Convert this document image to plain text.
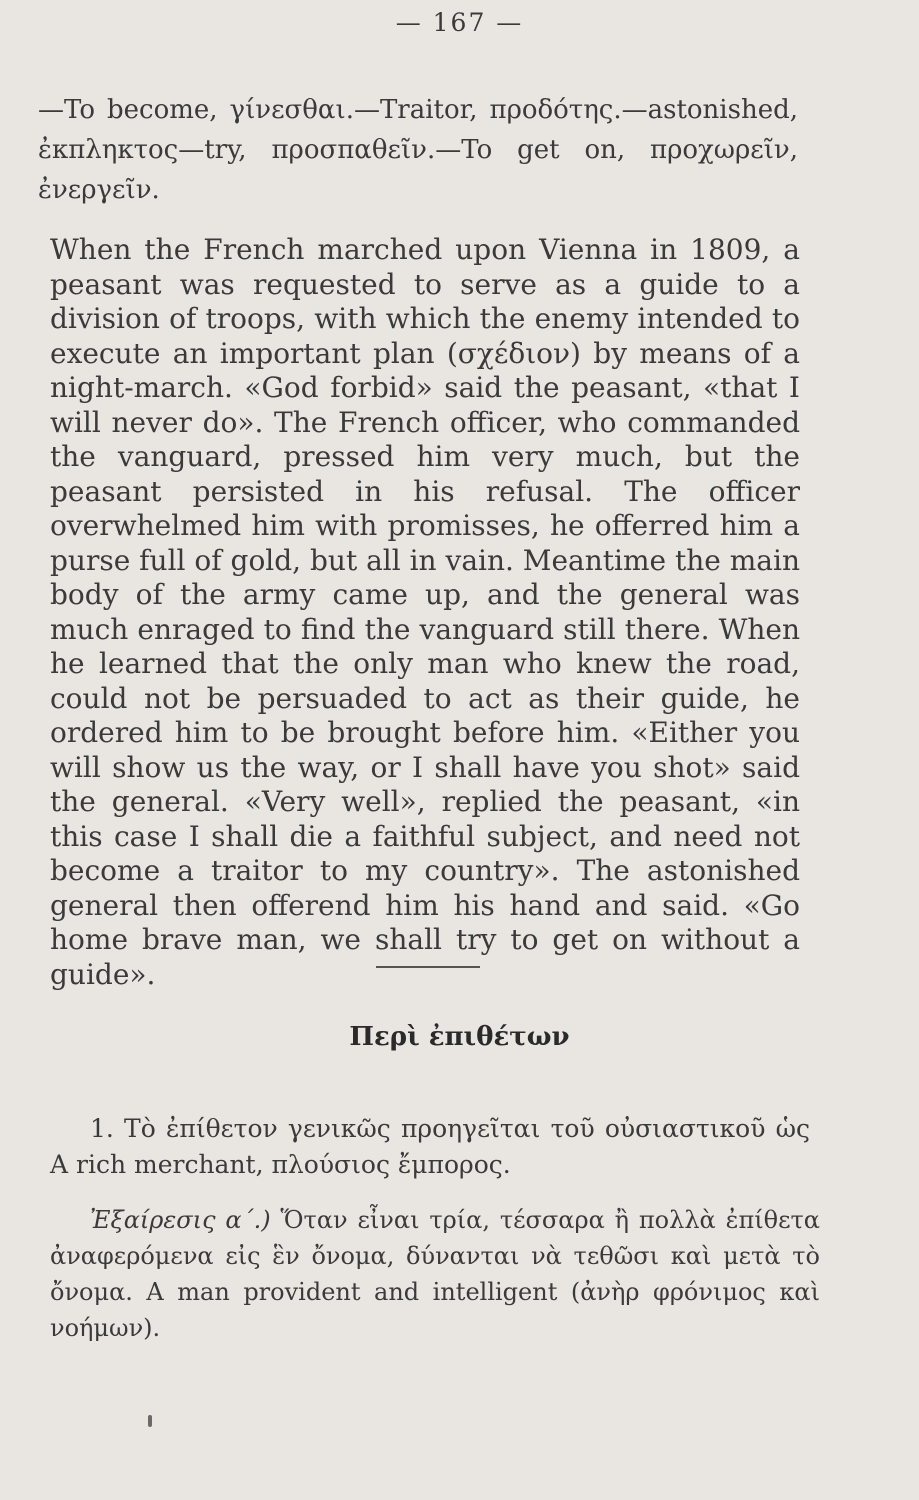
— 167 —

—To become, γίνεσθαι.—Traitor, προδότης.—astonished, ἐκπληκτος—try, προσπαθεῖν.—To get on, προχωρεῖν, ἐνεργεῖν.

When the French marched upon Vienna in 1809, a peasant was requested to serve as a guide to a division of troops, with which the enemy intended to execute an important plan (σχέδιον) by means of a night-march. «God forbid» said the peasant, «that I will never do». The French officer, who commanded the vanguard, pressed him very much, but the peasant persisted in his refusal. The officer overwhelmed him with promisses, he offerred him a purse full of gold, but all in vain. Meantime the main body of the army came up, and the general was much enraged to find the vanguard still there. When he learned that the only man who knew the road, could not be persuaded to act as their guide, he ordered him to be brought before him. «Either you will show us the way, or I shall have you shot» said the general. «Very well», replied the peasant, «in this case I shall die a faithful subject, and need not become a traitor to my country». The astonished general then offerend him his hand and said. «Go home brave man, we shall try to get on without a guide».

Περὶ ἐπιθέτων

1. Τὸ ἐπίθετον γενικῶς προηγεῖται τοῦ οὐσιαστικοῦ ὡς A rich merchant, πλούσιος ἔμπορος.

Ἐξαίρεσις α΄.) Ὅταν εἶναι τρία, τέσσαρα ἢ πολλὰ ἐπίθετα ἀναφερόμενα εἰς ἓν ὄνομα, δύνανται νὰ τεθῶσι καὶ μετὰ τὸ ὄνομα. A man provident and intelligent (ἀνὴρ φρόνιμος καὶ νοήμων).
